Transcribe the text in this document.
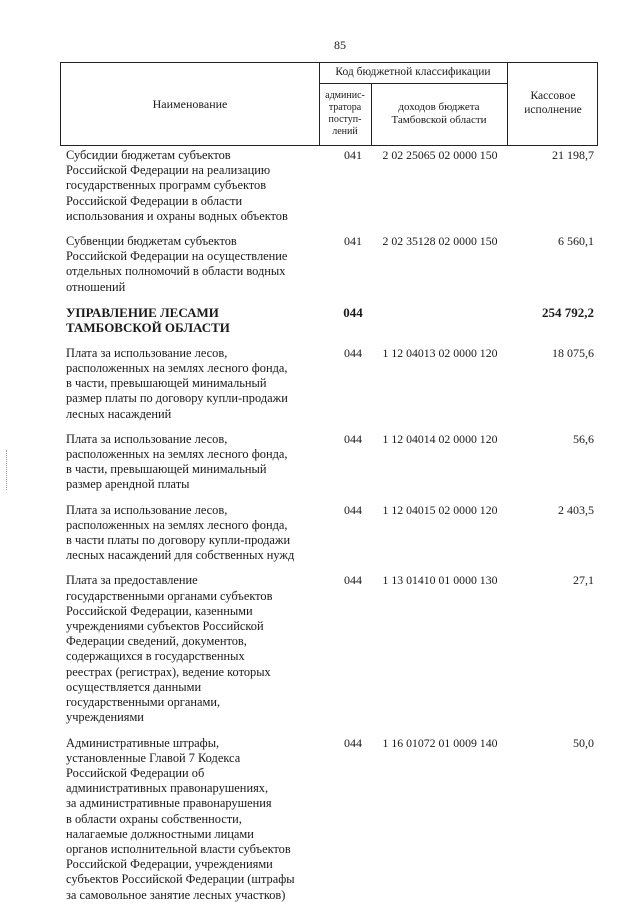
85
Наименование
Код бюджетной классификации
админис-
тратора
поступ-
лений
доходов бюджета
Тамбовской области
Кассовое
исполнение
Субсидии бюджетам субъектов
Российской Федерации на реализацию
государственных программ субъектов
Российской Федерации в области
использования и охраны водных объектов
041	2 02 25065 02 0000 150	21 198,7
Субвенции бюджетам субъектов
Российской Федерации на осуществление
отдельных полномочий в области водных
отношений
041	2 02 35128 02 0000 150	6 560,1
УПРАВЛЕНИЕ ЛЕСАМИ
ТАМБОВСКОЙ ОБЛАСТИ
044	254 792,2
Плата за использование лесов,
расположенных на землях лесного фонда,
в части, превышающей минимальный
размер платы по договору купли-продажи
лесных насаждений
044	1 12 04013 02 0000 120	18 075,6
Плата за использование лесов,
расположенных на землях лесного фонда,
в части, превышающей минимальный
размер арендной платы
044	1 12 04014 02 0000 120	56,6
Плата за использование лесов,
расположенных на землях лесного фонда,
в части платы по договору купли-продажи
лесных насаждений для собственных нужд
044	1 12 04015 02 0000 120	2 403,5
Плата за предоставление
государственными органами субъектов
Российской Федерации, казенными
учреждениями субъектов Российской
Федерации сведений, документов,
содержащихся в государственных
реестрах (регистрах), ведение которых
осуществляется данными
государственными органами,
учреждениями
044	1 13 01410 01 0000 130	27,1
Административные штрафы,
установленные Главой 7 Кодекса
Российской Федерации об
административных правонарушениях,
за административные правонарушения
в области охраны собственности,
налагаемые должностными лицами
органов исполнительной власти субъектов
Российской Федерации, учреждениями
субъектов Российской Федерации (штрафы
за самовольное занятие лесных участков)
044	1 16 01072 01 0009 140	50,0
